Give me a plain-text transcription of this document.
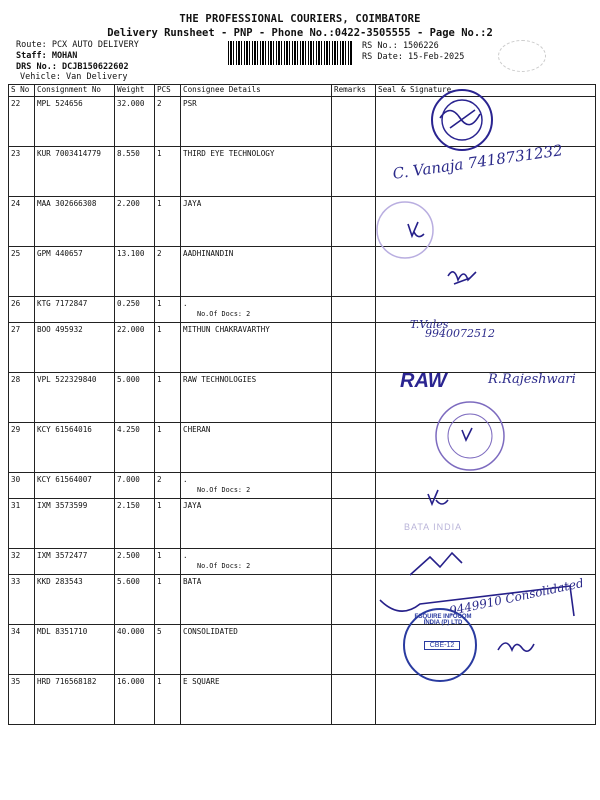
THE PROFESSIONAL COURIERS, COIMBATORE
Delivery Runsheet - PNP - Phone No.:0422-3505555 - Page No.:2
Route: PCX AUTO DELIVERY
Staff: MOHAN
DRS No.: DCJB150622602
Vehicle: Van Delivery
RS No.: 1506226
RS Date: 15-Feb-2025
S No	Consignment No	Weight	PCS	Consignee Details	Remarks	Seal & Signature

22	MPL 524656	32.000	2	PSR		

23	KUR 7003414779	8.550	1	THIRD EYE TECHNOLOGY		

24	MAA 302666308	2.200	1	JAYA		

25	GPM 440657	13.100	2	AADHINANDIN		

26	KTG 7172847	0.250	1	.
No.Of Docs: 2		

27	BOO 495932	22.000	1	MITHUN CHAKRAVARTHY		

28	VPL 522329840	5.000	1	RAW TECHNOLOGIES		

29	KCY 61564016	4.250	1	CHERAN		

30	KCY 61564007	7.000	2	.
No.Of Docs: 2		

31	IXM 3573599	2.150	1	JAYA		

32	IXM 3572477	2.500	1	.
No.Of Docs: 2		

33	KKD 283543	5.600	1	BATA		

34	MDL 8351710	40.000	5	CONSOLIDATED		

35	HRD 716568182	16.000	1	E SQUARE		

C. Vanaja 7418731232
T.Vales
9940072512
R.Rajeshwari
9449910 Consolidated
RAW
BATA INDIA
ESQUIRE INFOCOM INDIA (P) LTD
CBE-12
